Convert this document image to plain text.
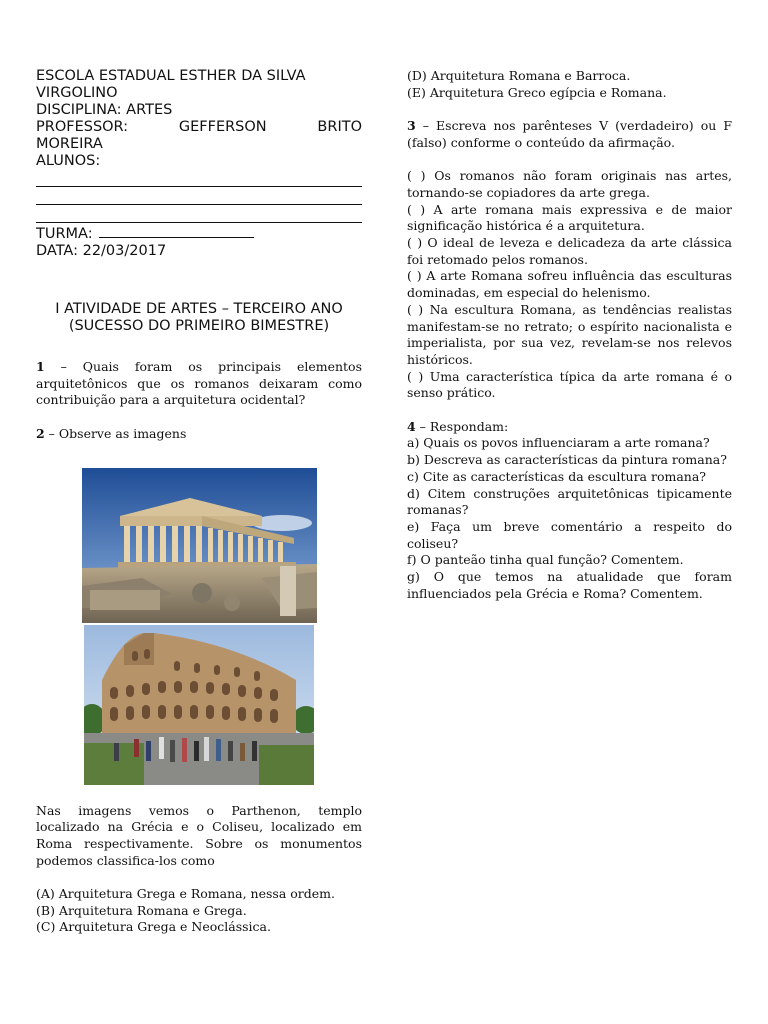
ESCOLA ESTADUAL ESTHER DA SILVA VIRGOLINO
DISCIPLINA: ARTES
PROFESSOR:	GEFFERSON	BRITO
MOREIRA
ALUNOS:
TURMA:
DATA: 22/03/2017
I ATIVIDADE DE ARTES – TERCEIRO ANO (SUCESSO DO PRIMEIRO BIMESTRE)

1 – Quais foram os principais elementos arquitetônicos que os romanos deixaram como contribuição para a arquitetura ocidental?

2 – Observe as imagens

Nas imagens vemos o Parthenon, templo localizado na Grécia e o Coliseu, localizado em Roma respectivamente. Sobre os monumentos podemos classifica-los como

(A) Arquitetura Grega e Romana, nessa ordem.
(B) Arquitetura Romana e Grega.
(C) Arquitetura Grega e Neoclássica.
(D) Arquitetura Romana e Barroca.
(E) Arquitetura Greco egípcia e Romana.

3 – Escreva nos parênteses V (verdadeiro) ou F (falso) conforme o conteúdo da afirmação.

( ) Os romanos não foram originais nas artes, tornando-se copiadores da arte grega.

( ) A arte romana mais expressiva e de maior significação histórica é a arquitetura.

( ) O ideal de leveza e delicadeza da arte clássica foi retomado pelos romanos.

( ) A arte Romana sofreu influência das esculturas dominadas, em especial do helenismo.

( ) Na escultura Romana, as tendências realistas manifestam-se no retrato; o espírito nacionalista e imperialista, por sua vez, revelam-se nos relevos históricos.

( ) Uma característica típica da arte romana é o senso prático.

4 – Respondam:

a) Quais os povos influenciaram a arte romana?

b) Descreva as características da pintura romana?

c) Cite as características da escultura romana?

d) Citem construções arquitetônicas tipicamente romanas?

e) Faça um breve comentário a respeito do coliseu?

f) O panteão tinha qual função? Comentem.

g) O que temos na atualidade que foram influenciados pela Grécia e Roma? Comentem.
